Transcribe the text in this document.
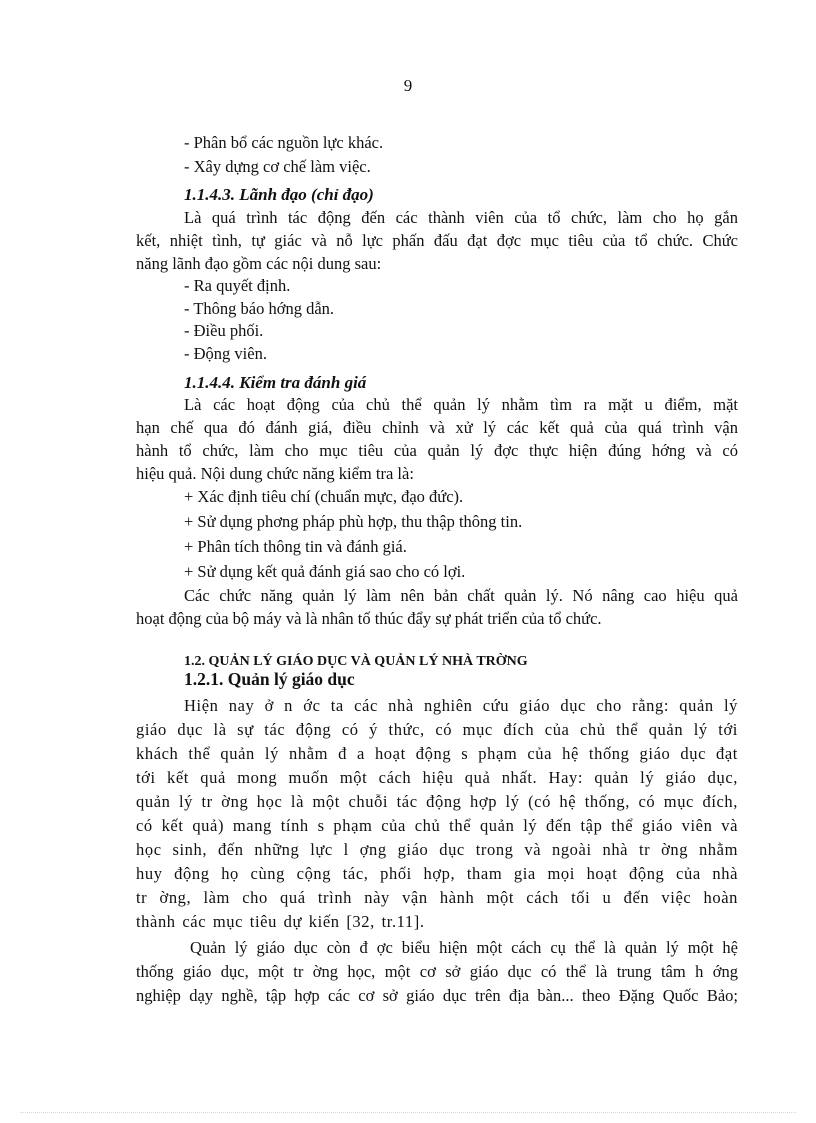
9
- Phân bổ các nguồn lực khác.
- Xây dựng cơ chế làm việc.
1.1.4.3. Lãnh đạo (chỉ đạo)
Là quá trình tác động đến các thành viên của tổ chức, làm cho họ gắn
kết, nhiệt tình, tự giác và nỗ lực phấn đấu đạt đợc mục tiêu của tổ chức. Chức
năng lãnh đạo gồm các nội dung sau:
- Ra quyết định.
- Thông báo hớng dẫn.
- Điều phối.
- Động viên.
1.1.4.4. Kiểm tra đánh giá
Là các hoạt động của chủ thể quản lý nhằm tìm ra mặt u điểm, mặt
hạn chế qua đó đánh giá, điều chỉnh và xử lý các kết quả của quá trình vận
hành tổ chức, làm cho mục tiêu của quản lý đợc thực hiện đúng hớng và có
hiệu quả. Nội dung chức năng kiểm tra là:
+ Xác định tiêu chí (chuẩn mực, đạo đức).
+ Sử dụng phơng pháp phù hợp, thu thập thông tin.
+ Phân tích thông tin và đánh giá.
+ Sử dụng kết quả đánh giá sao cho có lợi.
Các chức năng quản lý làm nên bản chất quản lý. Nó nâng cao hiệu quả
hoạt động của bộ máy và là nhân tố thúc đẩy sự phát triển của tổ chức.
1.2. QUẢN LÝ GIÁO DỤC VÀ QUẢN LÝ NHÀ TRỜNG
1.2.1. Quản lý giáo dục
Hiện nay ở n ớc ta các nhà nghiên cứu giáo dục cho rằng: quản lý
giáo dục là sự tác động có ý thức, có mục đích của chủ thể quản lý tới
khách thể quản lý nhằm đ a hoạt động s phạm của hệ thống giáo dục đạt
tới kết quả mong muốn một cách hiệu quả nhất. Hay: quản lý giáo dục,
quản lý tr ờng học là một chuỗi tác động hợp lý (có hệ thống, có mục đích,
có kết quả) mang tính s phạm của chủ thể quản lý đến tập thể giáo viên và
học sinh, đến những lực l ợng giáo dục trong và ngoài nhà tr ờng nhằm
huy động họ cùng cộng tác, phối hợp, tham gia mọi hoạt động của nhà
tr ờng, làm cho quá trình này vận hành một cách tối u đến việc hoàn
thành các mục tiêu dự kiến [32, tr.11].
Quản lý giáo dục còn đ ợc biểu hiện một cách cụ thể là quản lý một hệ
thống giáo dục, một tr ờng học, một cơ sở giáo dục có thể là trung tâm h ớng
nghiệp dạy nghề, tập hợp các cơ sở giáo dục trên địa bàn... theo Đặng Quốc Bảo;
